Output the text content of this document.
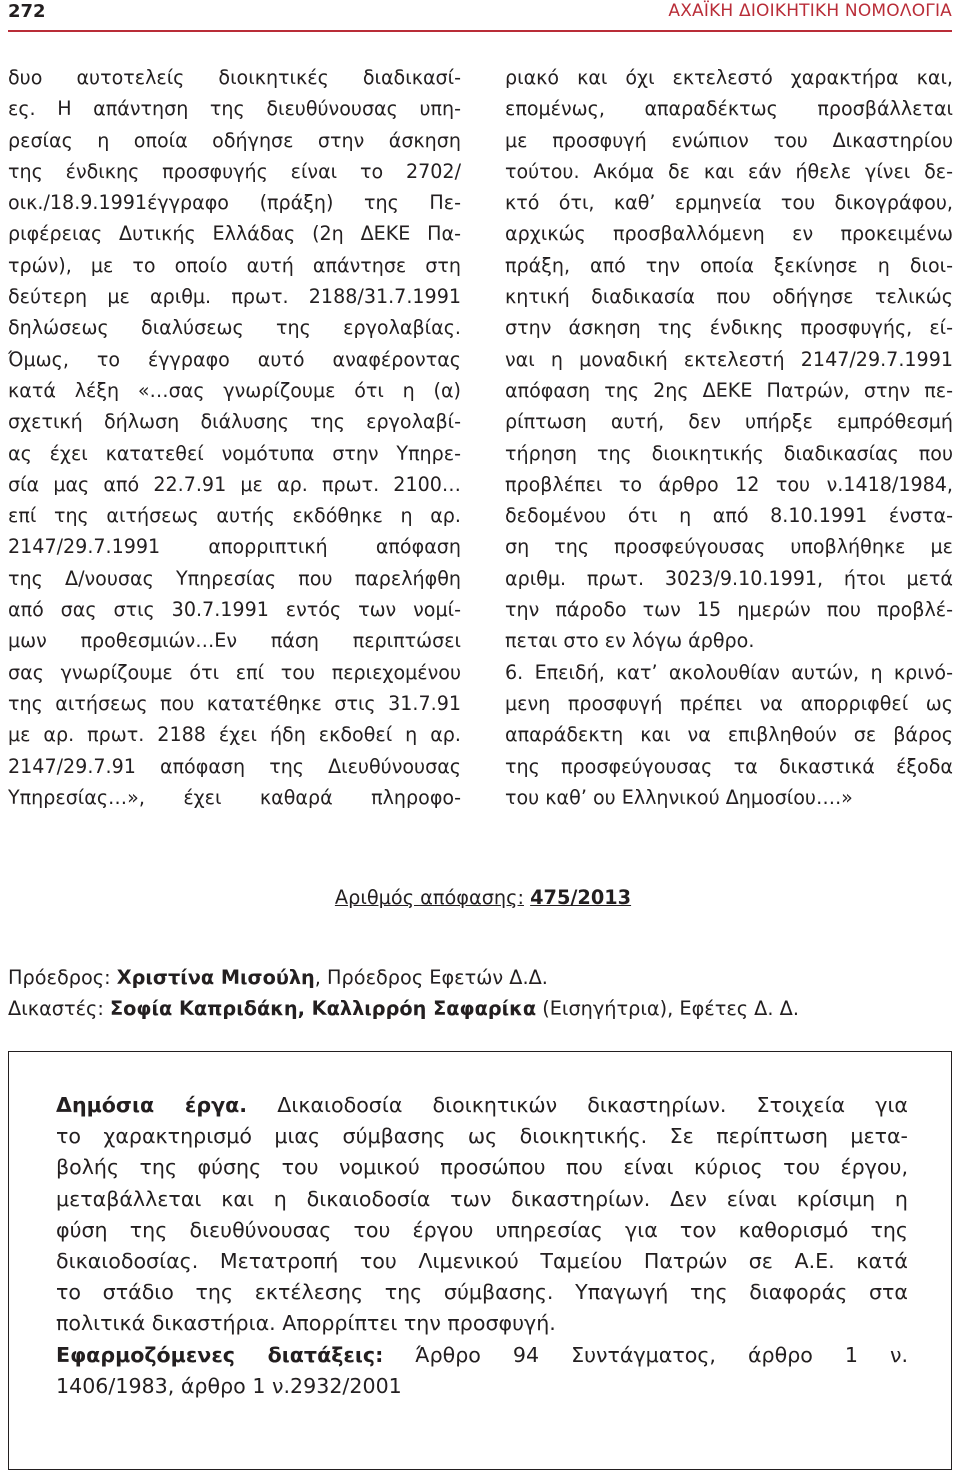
272	ΑΧΑΪΚΗ ΔΙΟΙΚΗΤΙΚΗ ΝΟΜΟΛΟΓΙΑ

δυο αυτοτελείς διοικητικές διαδικασί-
ες. Η απάντηση της διευθύνουσας υπη-
ρεσίας η οποία οδήγησε στην άσκηση
της ένδικης προσφυγής είναι το 2702/
οικ./18.9.1991έγγραφο (πράξη) της Πε-
ριφέρειας Δυτικής Ελλάδας (2η ΔΕΚΕ Πα-
τρών), με το οποίο αυτή απάντησε στη
δεύτερη με αριθμ. πρωτ. 2188/31.7.1991
δηλώσεως διαλύσεως της εργολαβίας.
Όμως, το έγγραφο αυτό αναφέροντας
κατά λέξη «…σας γνωρίζουμε ότι η (α)
σχετική δήλωση διάλυσης της εργολαβί-
ας έχει κατατεθεί νομότυπα στην Υπηρε-
σία μας από 22.7.91 με αρ. πρωτ. 2100…
επί της αιτήσεως αυτής εκδόθηκε η αρ.
2147/29.7.1991 απορριπτική απόφαση
της Δ/νουσας Υπηρεσίας που παρελήφθη
από σας στις 30.7.1991 εντός των νομί-
μων προθεσμιών…Εν πάση περιπτώσει
σας γνωρίζουμε ότι επί του περιεχομένου
της αιτήσεως που κατατέθηκε στις 31.7.91
με αρ. πρωτ. 2188 έχει ήδη εκδοθεί η αρ.
2147/29.7.91 απόφαση της Διευθύνουσας
Υπηρεσίας…», έχει καθαρά πληροφο-

ριακό και όχι εκτελεστό χαρακτήρα και,
επομένως, απαραδέκτως προσβάλλεται
με προσφυγή ενώπιον του Δικαστηρίου
τούτου. Ακόμα δε και εάν ήθελε γίνει δε-
κτό ότι, καθ’ ερμηνεία του δικογράφου,
αρχικώς προσβαλλόμενη εν προκειμένω
πράξη, από την οποία ξεκίνησε η διοι-
κητική διαδικασία που οδήγησε τελικώς
στην άσκηση της ένδικης προσφυγής, εί-
ναι η μοναδική εκτελεστή 2147/29.7.1991
απόφαση της 2ης ΔΕΚΕ Πατρών, στην πε-
ρίπτωση αυτή, δεν υπήρξε εμπρόθεσμή
τήρηση της διοικητικής διαδικασίας που
προβλέπει το άρθρο 12 του ν.1418/1984,
δεδομένου ότι η από 8.10.1991 ένστα-
ση της προσφεύγουσας υποβλήθηκε με
αριθμ. πρωτ. 3023/9.10.1991, ήτοι μετά
την πάροδο των 15 ημερών που προβλέ-
πεται στο εν λόγω άρθρο.
6. Επειδή, κατ’ ακολουθίαν αυτών, η κρινό-
μενη προσφυγή πρέπει να απορριφθεί ως
απαράδεκτη και να επιβληθούν σε βάρος
της προσφεύγουσας τα δικαστικά έξοδα
του καθ’ ου Ελληνικού Δημοσίου….»

Αριθμός απόφασης: 475/2013
Πρόεδρος: Χριστίνα Μισούλη, Πρόεδρος Εφετών Δ.Δ.
Δικαστές: Σοφία Καπριδάκη, Καλλιρρόη Σαφαρίκα (Εισηγήτρια), Εφέτες Δ. Δ.
Δημόσια έργα. Δικαιοδοσία διοικητικών δικαστηρίων. Στοιχεία για
το χαρακτηρισμό μιας σύμβασης ως διοικητικής. Σε περίπτωση μετα-
βολής της φύσης του νομικού προσώπου που είναι κύριος του έργου,
μεταβάλλεται και η δικαιοδοσία των δικαστηρίων. Δεν είναι κρίσιμη η
φύση της διευθύνουσας του έργου υπηρεσίας για τον καθορισμό της
δικαιοδοσίας. Μετατροπή του Λιμενικού Ταμείου Πατρών σε Α.Ε. κατά
το στάδιο της εκτέλεσης της σύμβασης. Υπαγωγή της διαφοράς στα
πολιτικά δικαστήρια. Απορρίπτει την προσφυγή.
Εφαρμοζόμενες διατάξεις: Άρθρο 94 Συντάγματος, άρθρο 1 ν.
1406/1983, άρθρο 1 ν.2932/2001
